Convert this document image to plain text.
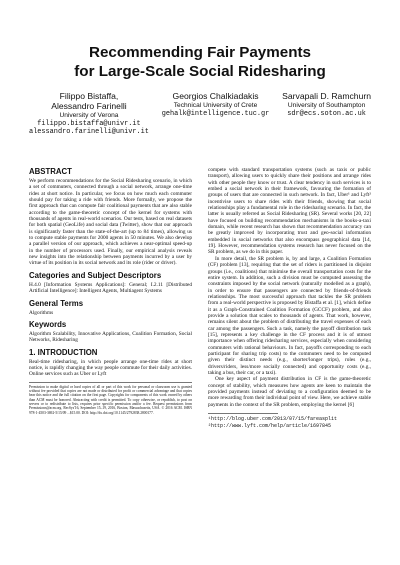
Recommending Fair Payments
for Large-Scale Social Ridesharing
Filippo Bistaffa,
Alessandro Farinelli
University of Verona
filippo.bistaffa@univr.it
alessandro.farinelli@univr.it
Georgios Chalkiadakis
Technical University of Crete
gehalk@intelligence.tuc.gr
Sarvapali D. Ramchurn
University of Southampton
sdr@ecs.soton.ac.uk
ABSTRACT

We perform recommendations for the Social Ridesharing scenario, in which a set of commuters, connected through a social network, arrange one-time rides at short notice. In particular, we focus on how much each commuter should pay for taking a ride with friends. More formally, we propose the first approach that can compute fair coalitional payments that are also stable according to the game-theoretic concept of the kernel for systems with thousands of agents in real-world scenarios. Our tests, based on real datasets for both spatial (GeoLife) and social data (Twitter), show that our approach is significantly faster than the state-of-the-art (up to 84 times), allowing us to compute stable payments for 2000 agents in 50 minutes. We also develop a parallel version of our approach, which achieves a near-optimal speed-up in the number of processors used. Finally, our empirical analysis reveals new insights into the relationship between payments incurred by a user by virtue of its position in its social network and its role (rider or driver).

Categories and Subject Descriptors

H.4.0 [Information Systems Applications]: General; I.2.11 [Distributed Artificial Intelligence]: Intelligent Agents, Multiagent Systems

General Terms

Algorithms

Keywords

Algorithm Scalability, Innovative Applications, Coalition Formation, Social Networks, Ridesharing

1. INTRODUCTION

Real-time ridesharing, in which people arrange one-time rides at short notice, is rapidly changing the way people commute for their daily activities. Online services such as Uber or Lyft

Permission to make digital or hard copies of all or part of this work for personal or classroom use is granted without fee provided that copies are not made or distributed for profit or commercial advantage and that copies bear this notice and the full citation on the first page. Copyrights for components of this work owned by others than ACM must be honored. Abstracting with credit is permitted. To copy otherwise, or republish, to post on servers or to redistribute to lists, requires prior specific permission and/or a fee. Request permissions from Permissions@acm.org. RecSys'16, September 15–19, 2016, Boston, Massachusetts, USA. © 2016 ACM. ISBN 978-1-4503-3692-5/15/09 ...$15.00. DOI: http://dx.doi.org/10.1145/2792838.2800177.

compete with standard transportation systems (such as taxis or public transport), allowing users to quickly share their positions and arrange rides with other people they know or trust. A clear tendency in such services is to embed a social network in their framework, favouring the formation of groups of users that are connected in such network. In fact, Uber¹ and Lyft² incentivise users to share rides with their friends, showing that social relationships play a fundamental role in the ridesharing scenario. In fact, the latter is usually referred as Social Ridesharing (SR). Several works [20, 22] have focused on building recommendation mechanisms in the books-a-taxi domain, while recent research has shown that recommendation accuracy can be greatly improved by incorporating trust and geo-social information embedded in social networks that also encompass geographical data [14, 19]. However, recommendation systems research has never focused on the SR problem, as we do in this paper.

In more detail, the SR problem is, by and large, a Coalition Formation (CF) problem [13], requiring that the set of riders is partitioned in disjoint groups (i.e., coalitions) that minimise the overall transportation costs for the entire system. In addition, such a division must be computed assessing the constraints imposed by the social network (naturally modelled as a graph), in order to ensure that passengers are connected by friends-of-friends relationships. The most successful approach that tackles the SR problem from a real-world perspective is proposed by Bistaffa et al. [1], which define it as a Graph-Constrained Coalition Formation (GCCF) problem, and also provide a solution that scales to thousands of agents. That work, however, remains silent about the problem of distributing the travel expenses of each car among the passengers. Such a task, namely the payoff distribution task [15], represents a key challenge in the CF process and it is of utmost importance when offering ridesharing services, especially when considering commuters with rational behaviours. In fact, payoffs corresponding to each participant for sharing trip costs) to the commuters need to be computed given their distinct needs (e.g., shorter/longer trips), roles (e.g., drivers/riders, less/more socially connected) and opportunity costs (e.g., taking a bus, their car, or a taxi).

One key aspect of payment distribution in CF is the game-theoretic concept of stability, which measures how agents are keen to maintain the provided payments instead of deviating to a configuration deemed to be more rewarding from their individual point of view. Here, we achieve stable payments in the context of the SR problem, employing the kernel [6]

¹http://blog.uber.com/2013/07/15/fareasplit
²http://www.lyft.com/help/article/1697845
